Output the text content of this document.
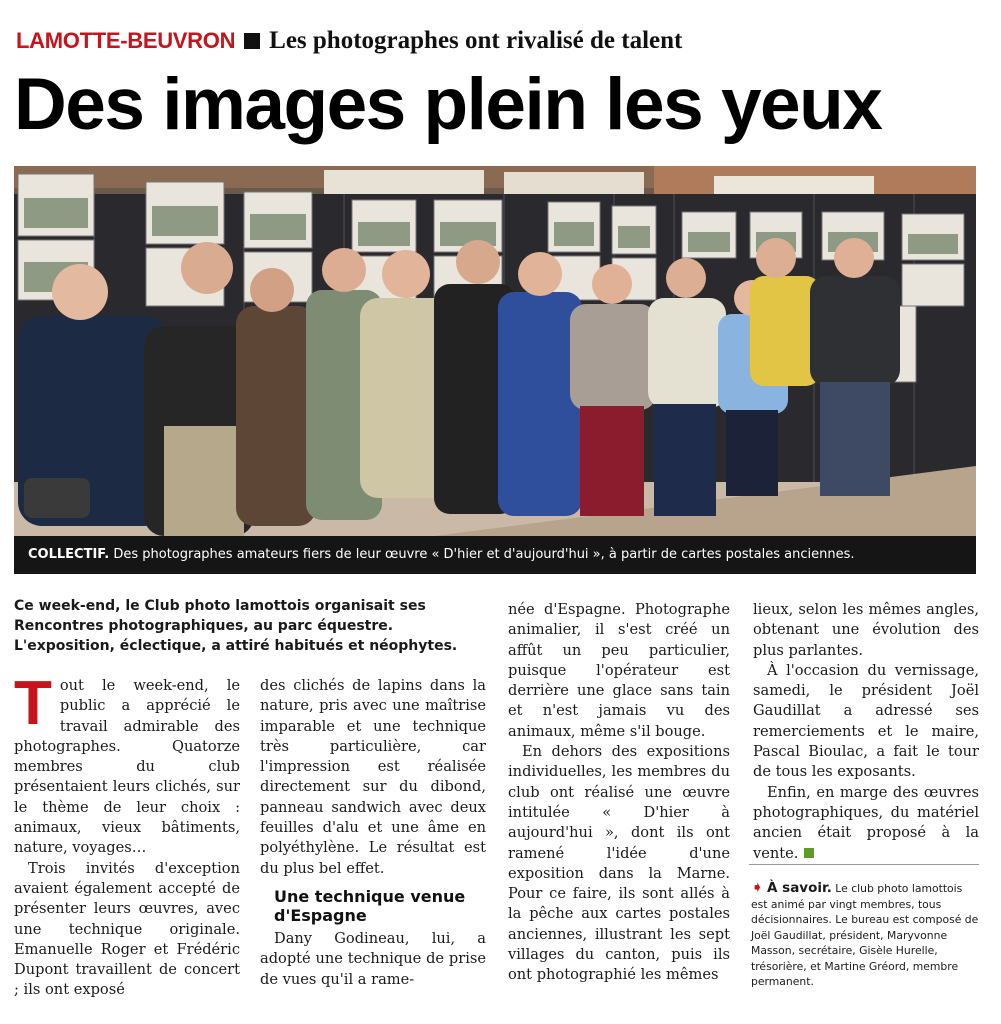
LAMOTTE-BEUVRON Les photographes ont rivalisé de talent
Des images plein les yeux
COLLECTIF. Des photographes amateurs fiers de leur œuvre « D'hier et d'aujourd'hui », à partir de cartes postales anciennes.

Ce week-end, le Club photo lamottois organisait ses Rencontres photographiques, au parc équestre. L'exposition, éclectique, a attiré habitués et néophytes.

Tout le week-end, le public a apprécié le travail admirable des photographes. Quatorze membres du club présentaient leurs clichés, sur le thème de leur choix : animaux, vieux bâtiments, nature, voyages…

Trois invités d'exception avaient également accepté de présenter leurs œuvres, avec une technique originale. Emanuelle Roger et Frédéric Dupont travaillent de concert ; ils ont exposé

des clichés de lapins dans la nature, pris avec une maîtrise imparable et une technique très particulière, car l'impression est réalisée directement sur du dibond, panneau sandwich avec deux feuilles d'alu et une âme en polyéthylène. Le résultat est du plus bel effet.

Une technique venue d'Espagne

Dany Godineau, lui, a adopté une technique de prise de vues qu'il a rame-

née d'Espagne. Photographe animalier, il s'est créé un affût un peu particulier, puisque l'opérateur est derrière une glace sans tain et n'est jamais vu des animaux, même s'il bouge.

En dehors des expositions individuelles, les membres du club ont réalisé une œuvre intitulée « D'hier à aujourd'hui », dont ils ont ramené l'idée d'une exposition dans la Marne. Pour ce faire, ils sont allés à la pêche aux cartes postales anciennes, illustrant les sept villages du canton, puis ils ont photographié les mêmes

lieux, selon les mêmes angles, obtenant une évolution des plus parlantes.

À l'occasion du vernissage, samedi, le président Joël Gaudillat a adressé ses remerciements et le maire, Pascal Bioulac, a fait le tour de tous les exposants.

Enfin, en marge des œuvres photographiques, du matériel ancien était proposé à la vente.

➧ À savoir. Le club photo lamottois est animé par vingt membres, tous décisionnaires. Le bureau est composé de Joël Gaudillat, président, Maryvonne Masson, secrétaire, Gisèle Hurelle, trésorière, et Martine Gréord, membre permanent.
